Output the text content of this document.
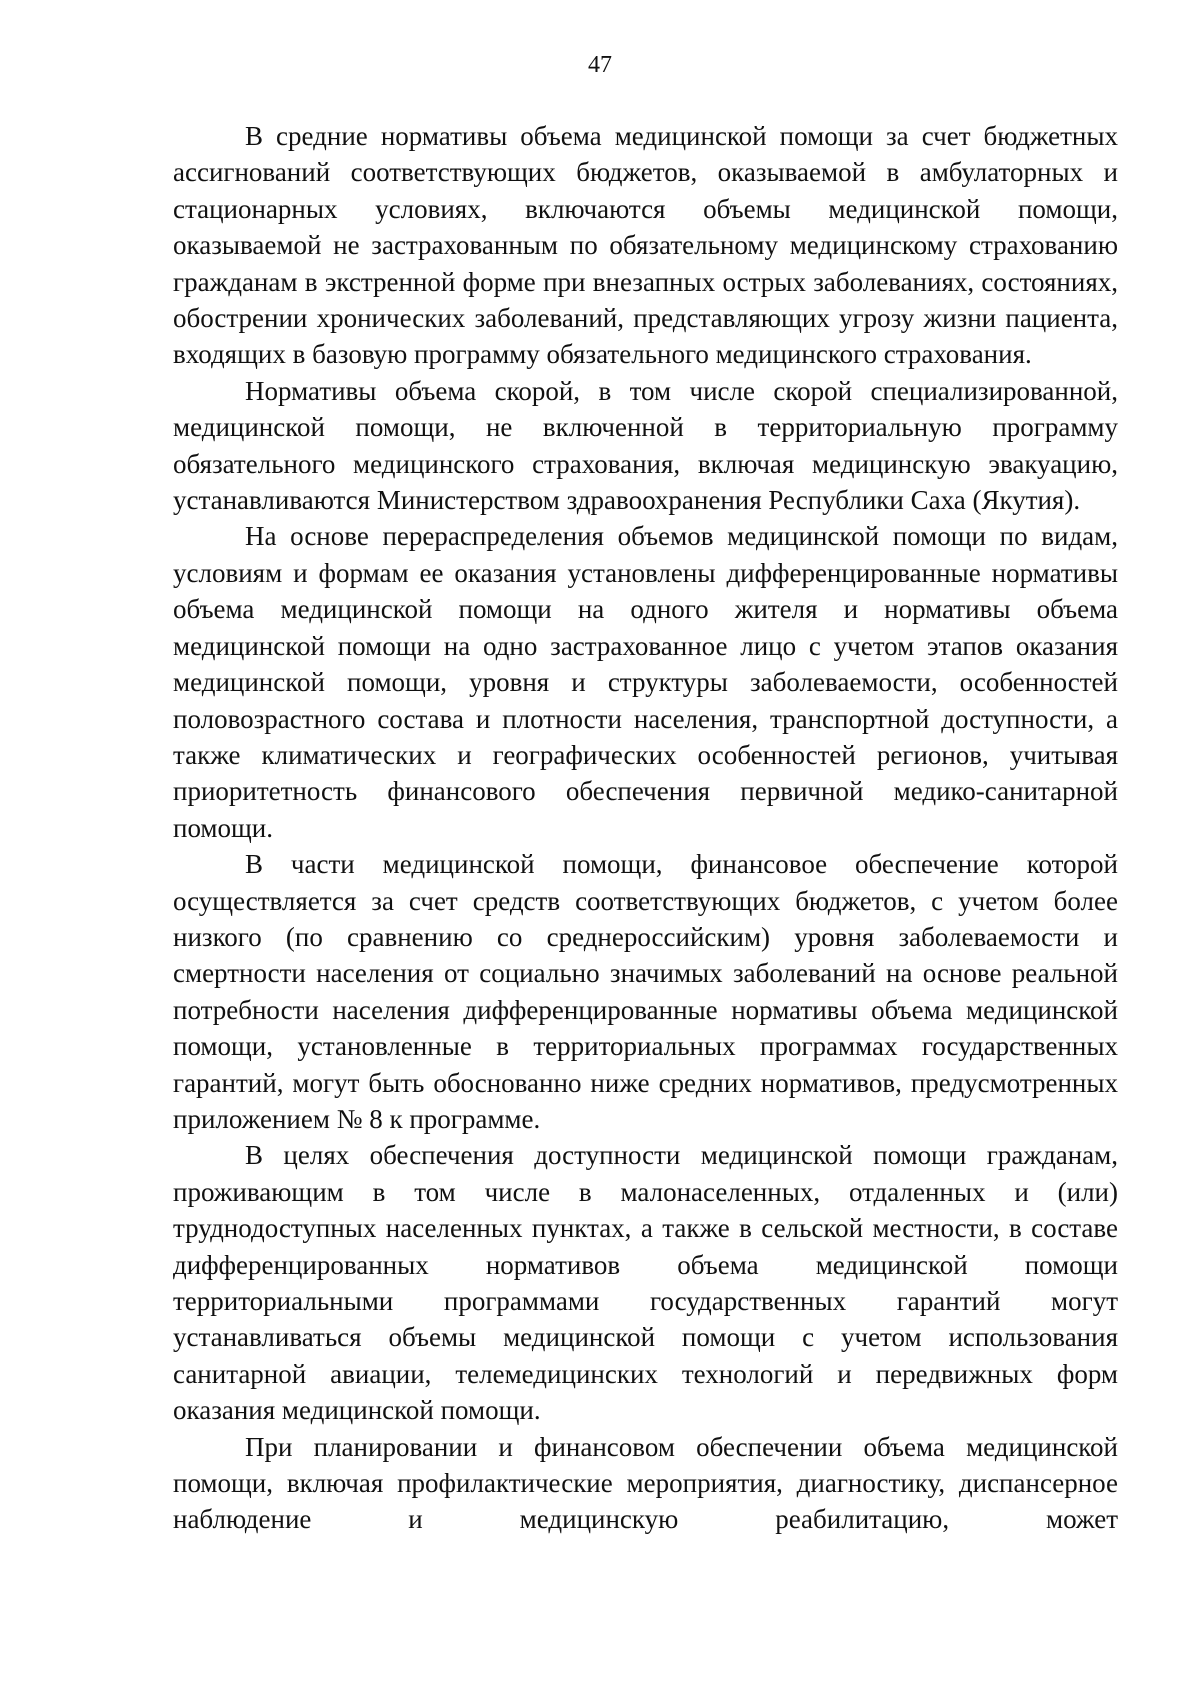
47

В средние нормативы объема медицинской помощи за счет бюджетных ассигнований соответствующих бюджетов, оказываемой в амбулаторных и стационарных условиях, включаются объемы медицинской помощи, оказываемой не застрахованным по обязательному медицинскому страхованию гражданам в экстренной форме при внезапных острых заболеваниях, состояниях, обострении хронических заболеваний, представляющих угрозу жизни пациента, входящих в базовую программу обязательного медицинского страхования.

Нормативы объема скорой, в том числе скорой специализированной, медицинской помощи, не включенной в территориальную программу обязательного медицинского страхования, включая медицинскую эвакуацию, устанавливаются Министерством здравоохранения Республики Саха (Якутия).

На основе перераспределения объемов медицинской помощи по видам, условиям и формам ее оказания установлены дифференцированные нормативы объема медицинской помощи на одного жителя и нормативы объема медицинской помощи на одно застрахованное лицо с учетом этапов оказания медицинской помощи, уровня и структуры заболеваемости, особенностей половозрастного состава и плотности населения, транспортной доступности, а также климатических и географических особенностей регионов, учитывая приоритетность финансового обеспечения первичной медико-санитарной помощи.

В части медицинской помощи, финансовое обеспечение которой осуществляется за счет средств соответствующих бюджетов, с учетом более низкого (по сравнению со среднероссийским) уровня заболеваемости и смертности населения от социально значимых заболеваний на основе реальной потребности населения дифференцированные нормативы объема медицинской помощи, установленные в территориальных программах государственных гарантий, могут быть обоснованно ниже средних нормативов, предусмотренных приложением № 8 к программе.

В целях обеспечения доступности медицинской помощи гражданам, проживающим в том числе в малонаселенных, отдаленных и (или) труднодоступных населенных пунктах, а также в сельской местности, в составе дифференцированных нормативов объема медицинской помощи территориальными программами государственных гарантий могут устанавливаться объемы медицинской помощи с учетом использования санитарной авиации, телемедицинских технологий и передвижных форм оказания медицинской помощи.

При планировании и финансовом обеспечении объема медицинской помощи, включая профилактические мероприятия, диагностику, диспансерное наблюдение и медицинскую реабилитацию, может
